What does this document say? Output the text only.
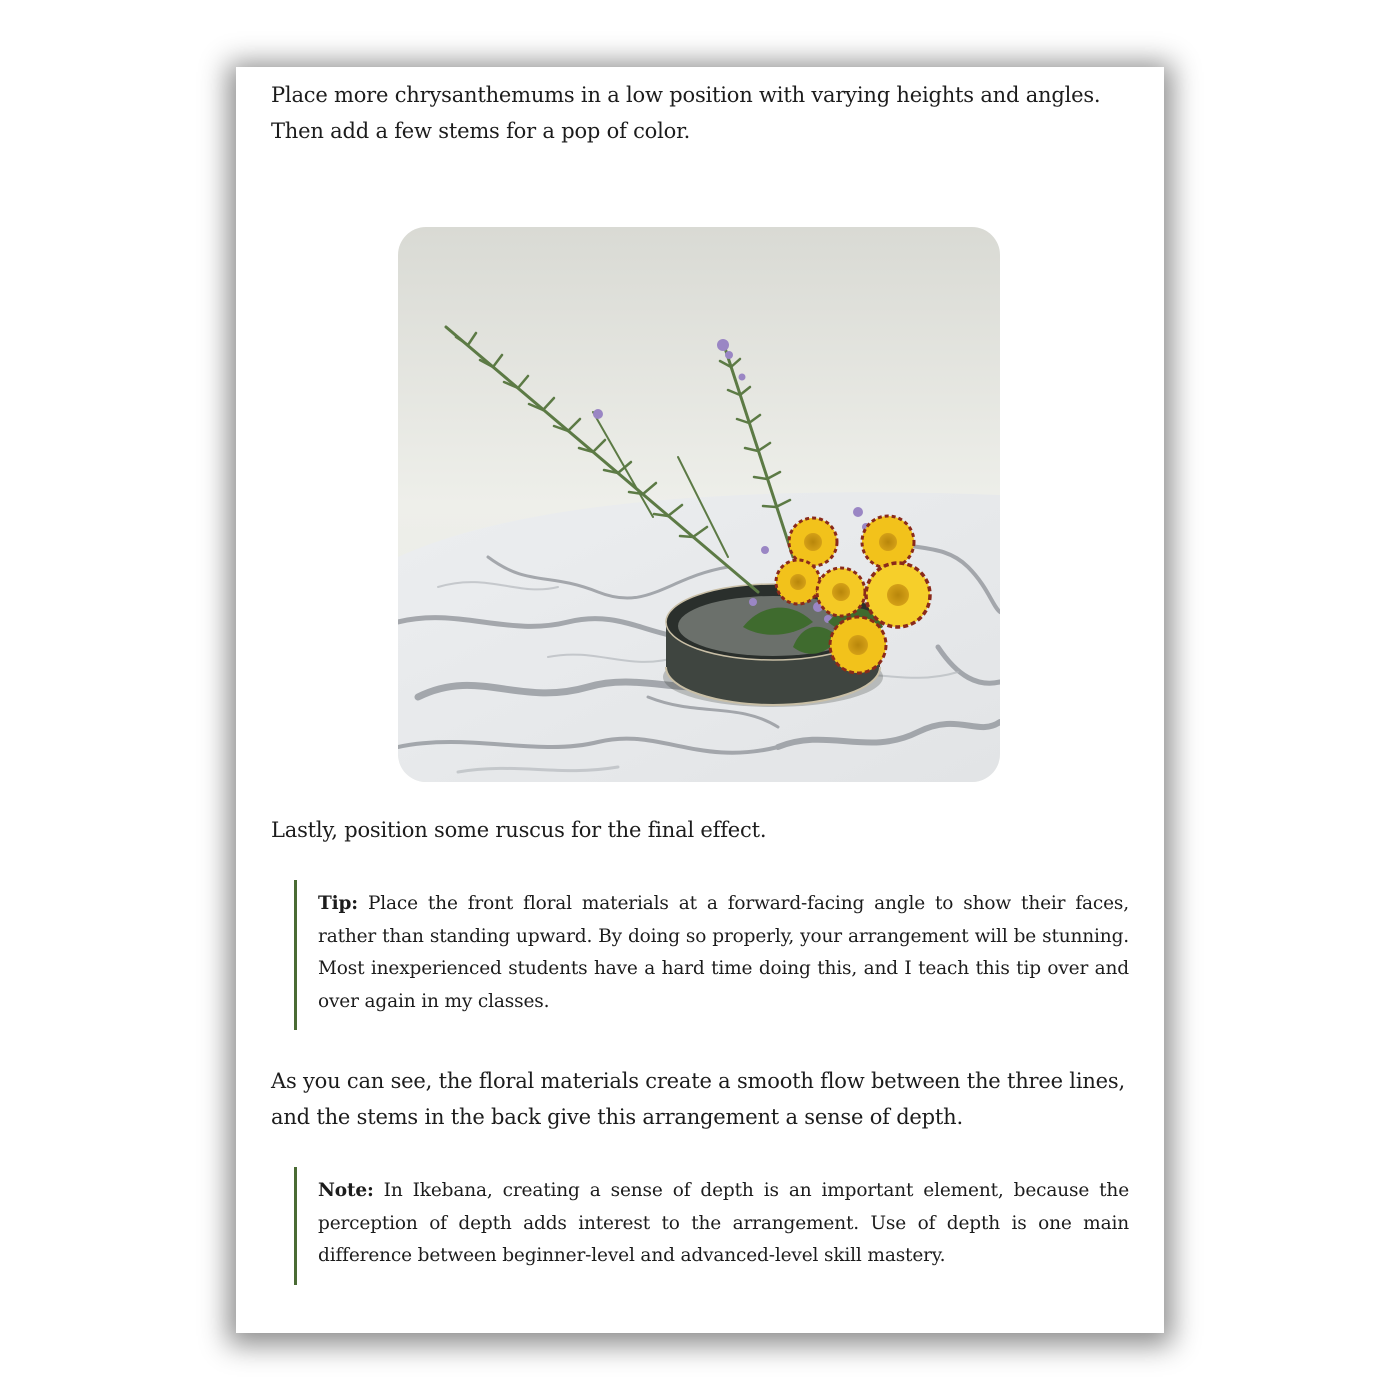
Place more chrysanthemums in a low position with varying heights and angles. Then add a few stems for a pop of color.

Lastly, position some ruscus for the final effect.

Tip: Place the front floral materials at a forward-facing angle to show their faces, rather than standing upward. By doing so properly, your arrangement will be stunning. Most inexperienced students have a hard time doing this, and I teach this tip over and over again in my classes.

As you can see, the floral materials create a smooth flow between the three lines, and the stems in the back give this arrangement a sense of depth.

Note: In Ikebana, creating a sense of depth is an important element, because the perception of depth adds interest to the arrangement. Use of depth is one main difference between beginner-level and advanced-level skill mastery.
